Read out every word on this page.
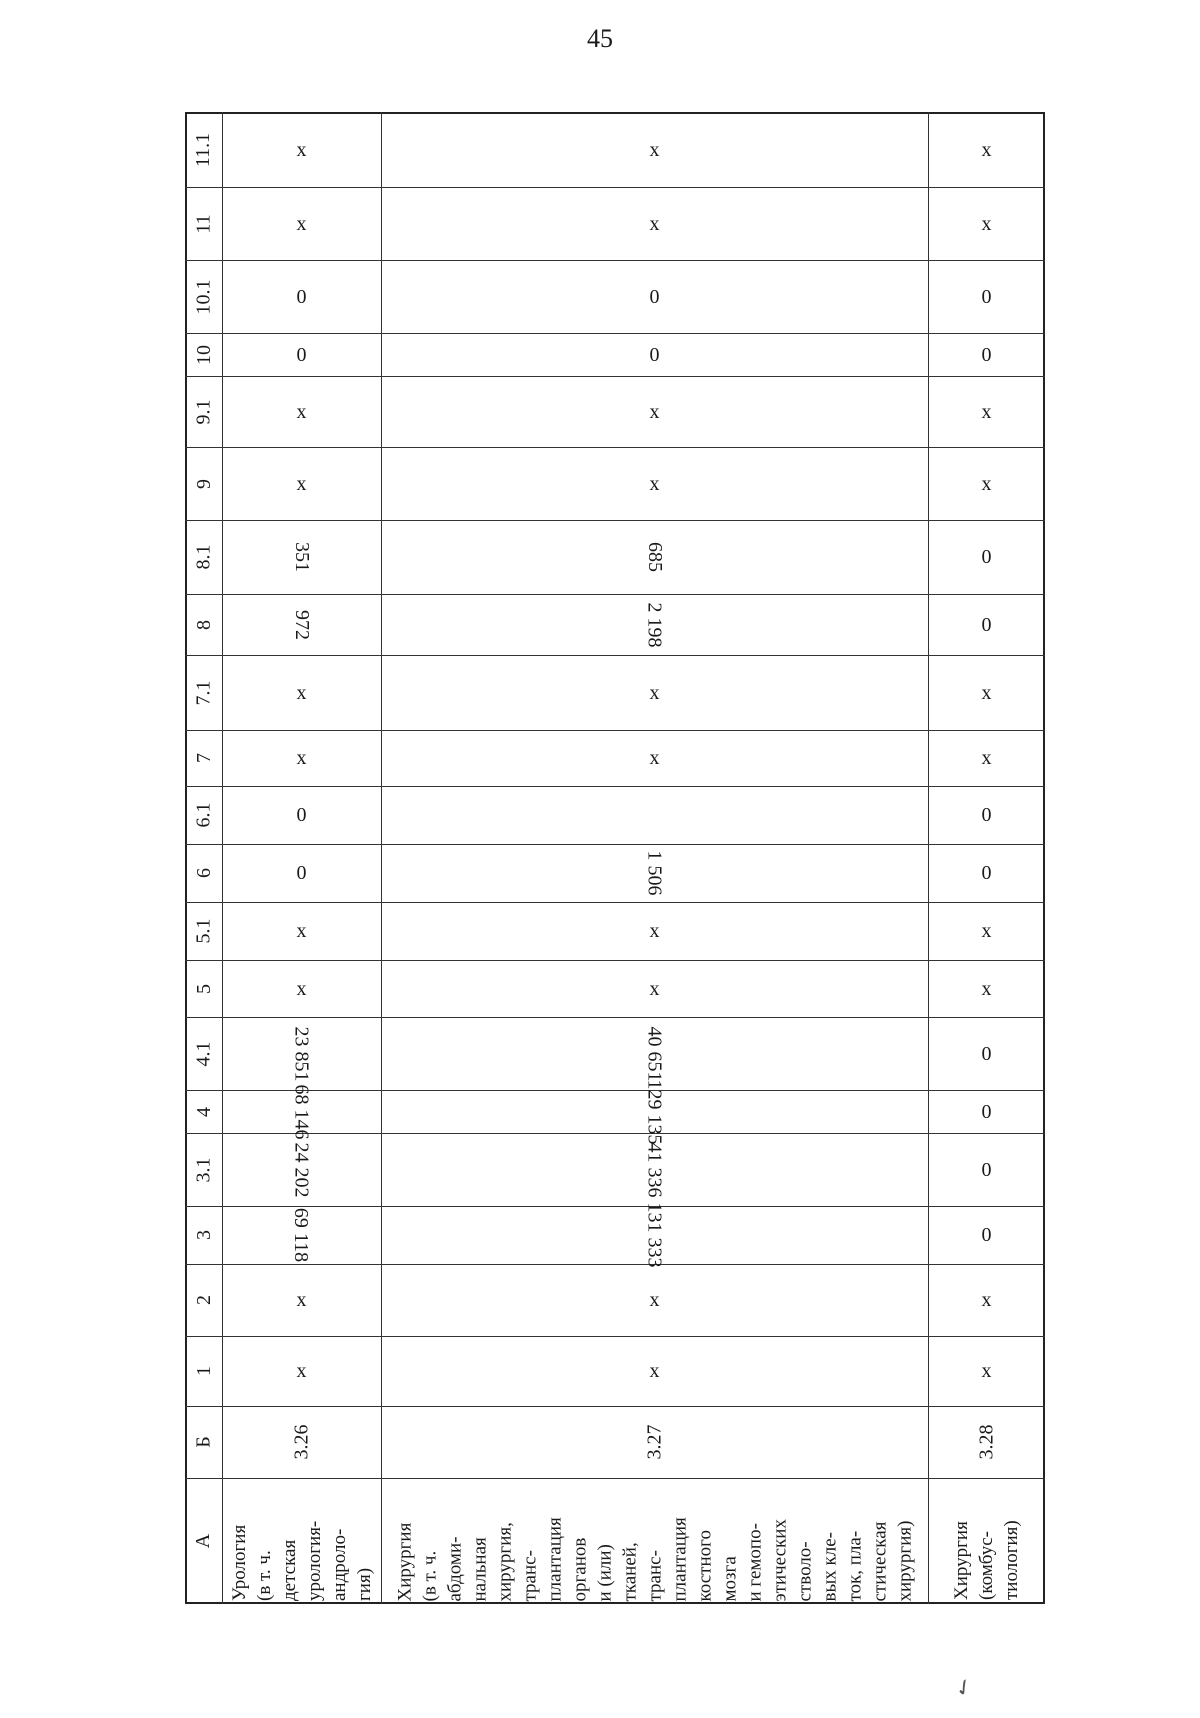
45
✓
А
Б
1
2
3
3.1
4
4.1
5
5.1
6
6.1
7
7.1
8
8.1
9
9.1
10
10.1
11
11.1
Урология (в т. ч. детская урология- андроло- гия)
3.26
x
x
69 118
24 202
68 146
23 851
x
x
0
0
x
x
972
351
x
x
0
0
x
x
Хирургия (в т. ч. абдоми- нальная хирургия, транс- плантация органов и (или) тканей, транс- плантация костного мозга и гемопо- этических стволо- вых кле- ток, пла- стическая хирургия)
3.27
x
x
131 333
41 336
129 135
40 651
x
x
1 506
x
x
2 198
685
x
x
0
0
x
x
Хирургия (комбус- тиология)
3.28
x
x
0
0
0
0
x
x
0
0
x
x
0
0
x
x
0
0
x
x
